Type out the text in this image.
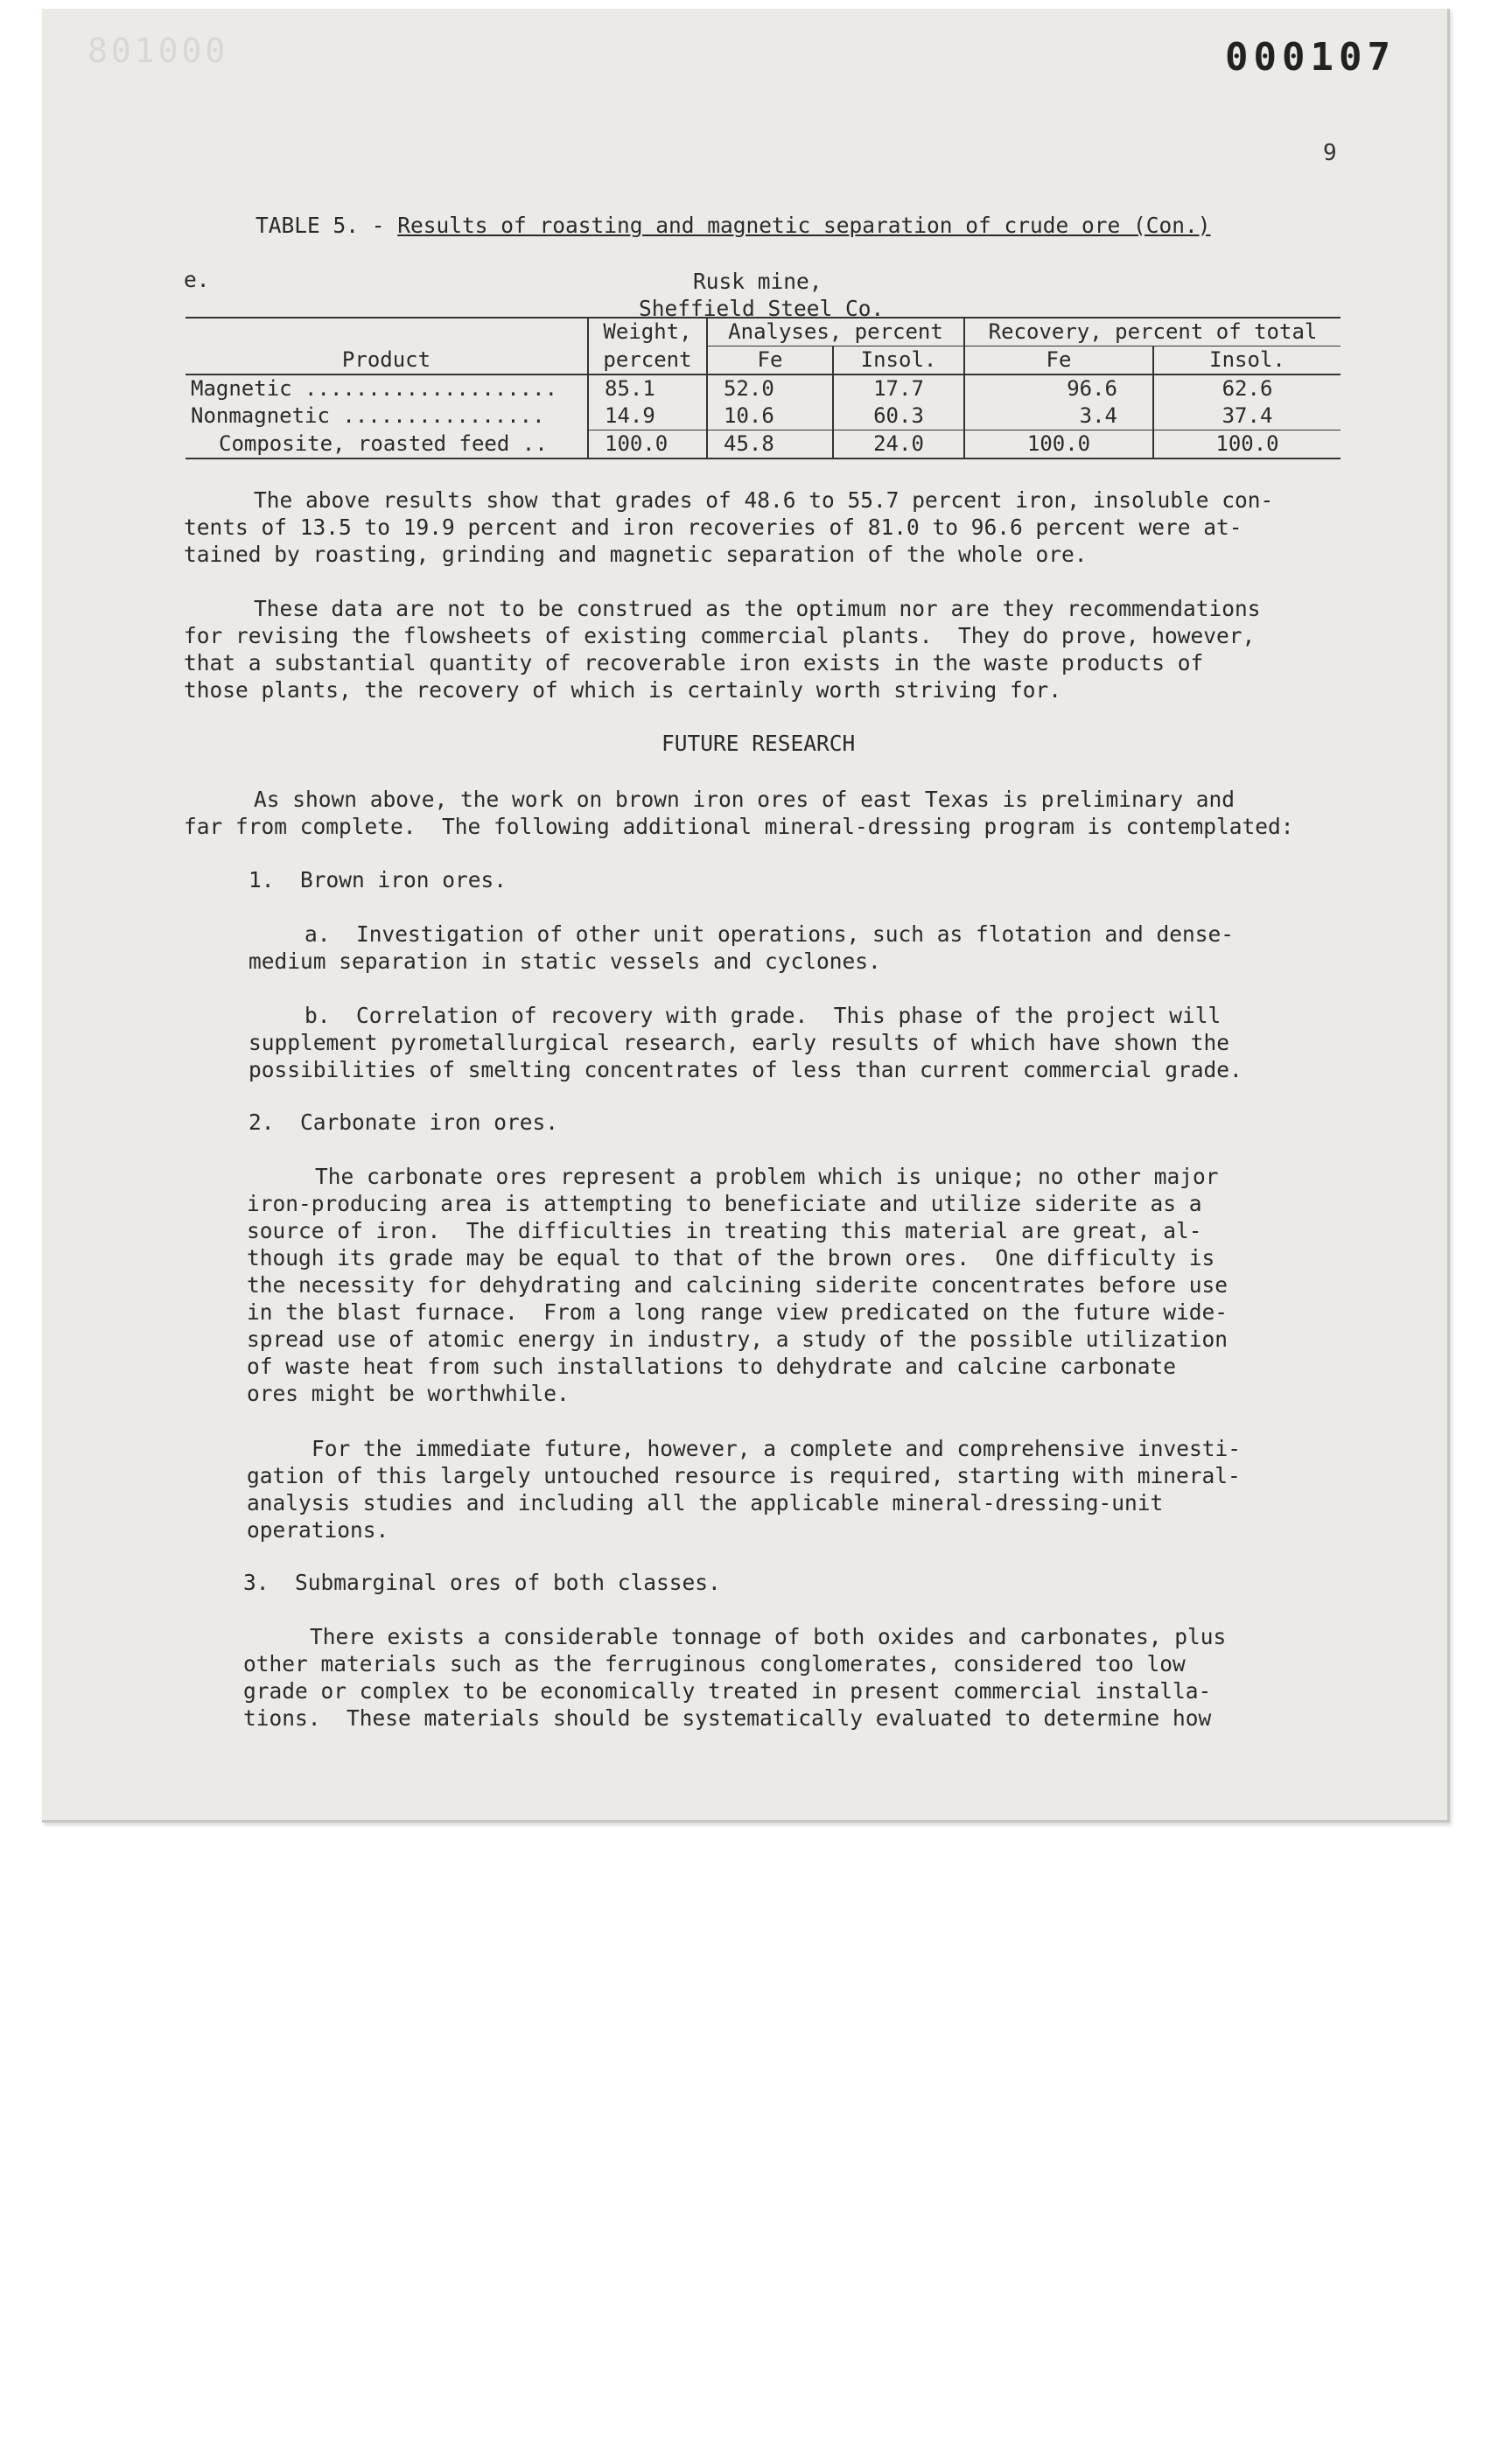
801000	000107
9
TABLE 5. - Results of roasting and magnetic separation of crude ore (Con.)
e.	Rusk mine,
Sheffield Steel Co.
Product	Weight,	Analyses, percent		Recovery, percent of total	
	percent	Fe	Insol.	Fe	Insol.
Magnetic ....................	85.1	52.0	17.7	96.6	62.6
Nonmagnetic ................	14.9	10.6	60.3	3.4	37.4
Composite, roasted feed ..	100.0	45.8	24.0	100.0	100.0
The above results show that grades of 48.6 to 55.7 percent iron, insoluble con-
tents of 13.5 to 19.9 percent and iron recoveries of 81.0 to 96.6 percent were at-
tained by roasting, grinding and magnetic separation of the whole ore.
These data are not to be construed as the optimum nor are they recommendations
for revising the flowsheets of existing commercial plants.  They do prove, however,
that a substantial quantity of recoverable iron exists in the waste products of
those plants, the recovery of which is certainly worth striving for.
FUTURE RESEARCH
As shown above, the work on brown iron ores of east Texas is preliminary and
far from complete.  The following additional mineral-dressing program is contemplated:
1.  Brown iron ores.
a.  Investigation of other unit operations, such as flotation and dense-
medium separation in static vessels and cyclones.
b.  Correlation of recovery with grade.  This phase of the project will
supplement pyrometallurgical research, early results of which have shown the
possibilities of smelting concentrates of less than current commercial grade.
2.  Carbonate iron ores.
The carbonate ores represent a problem which is unique; no other major
iron-producing area is attempting to beneficiate and utilize siderite as a
source of iron.  The difficulties in treating this material are great, al-
though its grade may be equal to that of the brown ores.  One difficulty is
the necessity for dehydrating and calcining siderite concentrates before use
in the blast furnace.  From a long range view predicated on the future wide-
spread use of atomic energy in industry, a study of the possible utilization
of waste heat from such installations to dehydrate and calcine carbonate
ores might be worthwhile.
For the immediate future, however, a complete and comprehensive investi-
gation of this largely untouched resource is required, starting with mineral-
analysis studies and including all the applicable mineral-dressing-unit
operations.
3.  Submarginal ores of both classes.
There exists a considerable tonnage of both oxides and carbonates, plus
other materials such as the ferruginous conglomerates, considered too low
grade or complex to be economically treated in present commercial installa-
tions.  These materials should be systematically evaluated to determine how
